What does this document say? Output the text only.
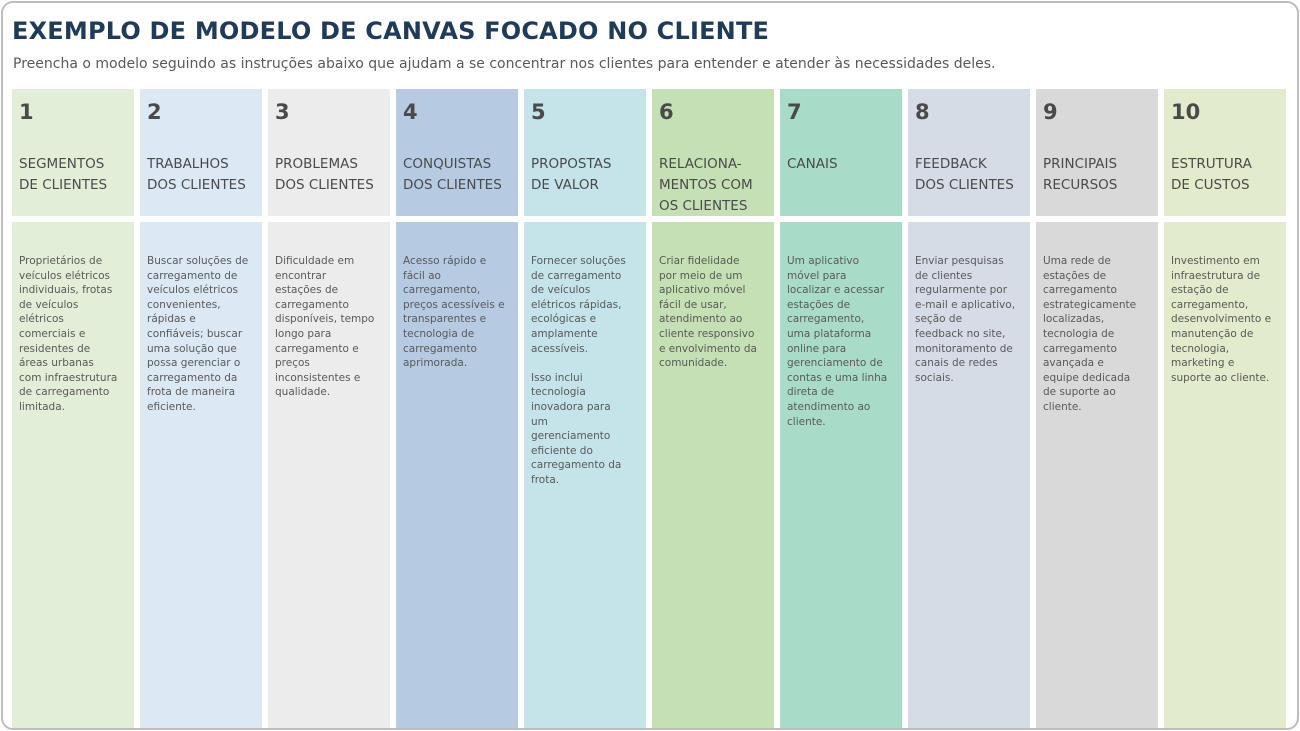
EXEMPLO DE MODELO DE CANVAS FOCADO NO CLIENTE
Preencha o modelo seguindo as instruções abaixo que ajudam a se concentrar nos clientes para entender e atender às necessidades deles.
1
SEGMENTOS
DE CLIENTES
Proprietários de
veículos elétricos
individuais, frotas
de veículos
elétricos
comerciais e
residentes de
áreas urbanas
com infraestrutura
de carregamento
limitada.
2
TRABALHOS
DOS CLIENTES
Buscar soluções de
carregamento de
veículos elétricos
convenientes,
rápidas e
confiáveis; buscar
uma solução que
possa gerenciar o
carregamento da
frota de maneira
eficiente.
3
PROBLEMAS
DOS CLIENTES
Dificuldade em
encontrar
estações de
carregamento
disponíveis, tempo
longo para
carregamento e
preços
inconsistentes e
qualidade.
4
CONQUISTAS
DOS CLIENTES
Acesso rápido e
fácil ao
carregamento,
preços acessíveis e
transparentes e
tecnologia de
carregamento
aprimorada.
5
PROPOSTAS
DE VALOR
Fornecer soluções
de carregamento
de veículos
elétricos rápidas,
ecológicas e
amplamente
acessíveis.

Isso inclui
tecnologia
inovadora para
um
gerenciamento
eficiente do
carregamento da
frota.
6
RELACIONA-
MENTOS COM
OS CLIENTES
Criar fidelidade
por meio de um
aplicativo móvel
fácil de usar,
atendimento ao
cliente responsivo
e envolvimento da
comunidade.
7
CANAIS
Um aplicativo
móvel para
localizar e acessar
estações de
carregamento,
uma plataforma
online para
gerenciamento de
contas e uma linha
direta de
atendimento ao
cliente.
8
FEEDBACK
DOS CLIENTES
Enviar pesquisas
de clientes
regularmente por
e-mail e aplicativo,
seção de
feedback no site,
monitoramento de
canais de redes
sociais.
9
PRINCIPAIS
RECURSOS
Uma rede de
estações de
carregamento
estrategicamente
localizadas,
tecnologia de
carregamento
avançada e
equipe dedicada
de suporte ao
cliente.
10
ESTRUTURA
DE CUSTOS
Investimento em
infraestrutura de
estação de
carregamento,
desenvolvimento e
manutenção de
tecnologia,
marketing e
suporte ao cliente.
